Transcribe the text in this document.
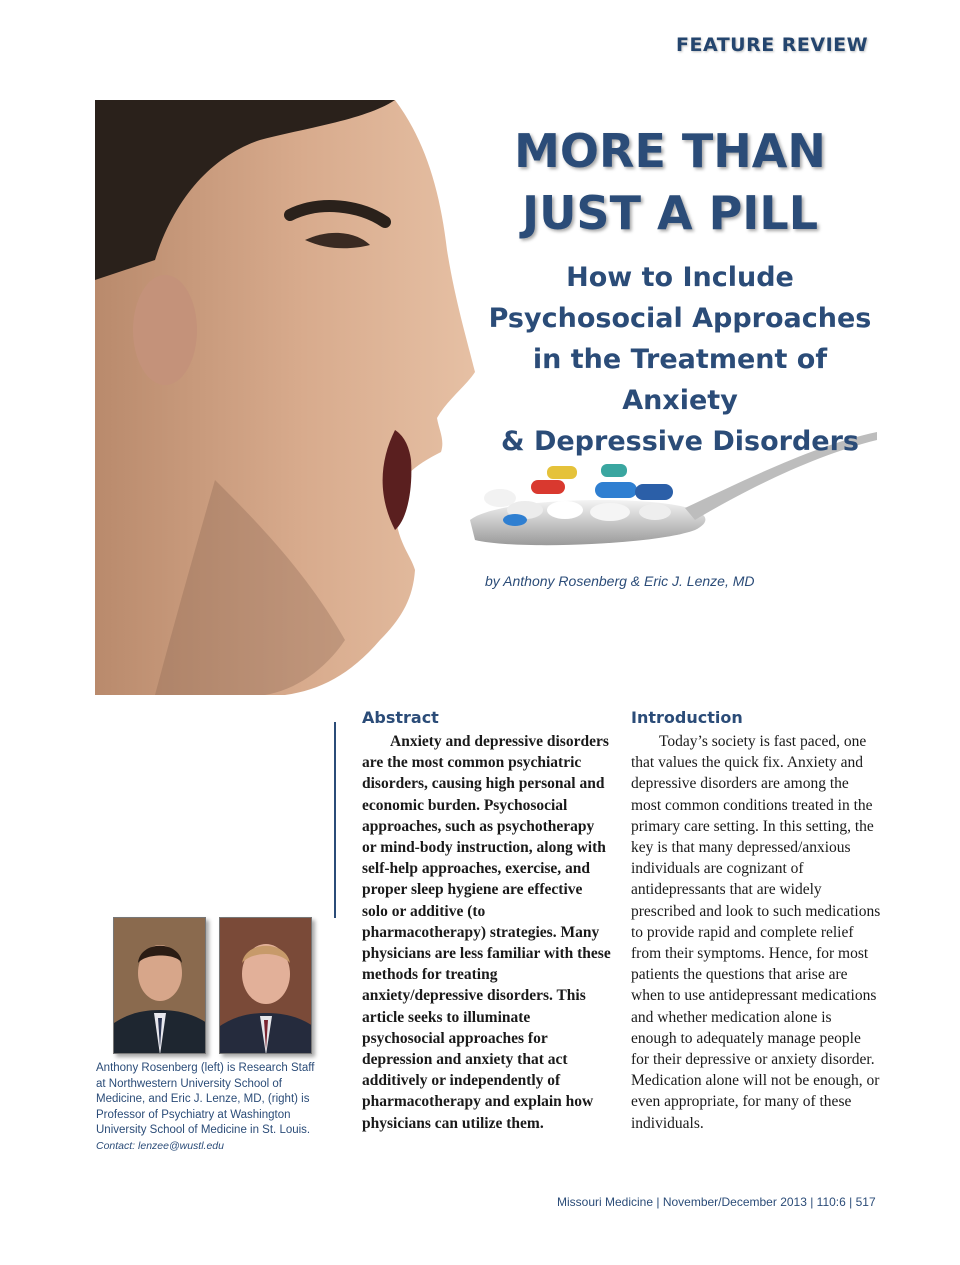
FEATURE REVIEW
MORE THAN
JUST A PILL
How to Include
Psychosocial Approaches
in the Treatment of Anxiety
& Depressive Disorders
by Anthony Rosenberg & Eric J. Lenze, MD
Anthony Rosenberg (left) is Research Staff at Northwestern University School of Medicine, and Eric J. Lenze, MD, (right) is Professor of Psychiatry at Washington University School of Medicine in St. Louis.
Contact: lenzee@wustl.edu
Abstract

Anxiety and depressive disorders are the most common psychiatric disorders, causing high personal and economic burden. Psychosocial approaches, such as psychotherapy or mind-body instruction, along with self-help approaches, exercise, and proper sleep hygiene are effective solo or additive (to pharmacotherapy) strategies. Many physicians are less familiar with these methods for treating anxiety/depressive disorders. This article seeks to illuminate psychosocial approaches for depression and anxiety that act additively or independently of pharmacotherapy and explain how physicians can utilize them.

Introduction

Today’s society is fast paced, one that values the quick fix. Anxiety and depressive disorders are among the most common conditions treated in the primary care setting. In this setting, the key is that many depressed/anxious individuals are cognizant of antidepressants that are widely prescribed and look to such medications to provide rapid and complete relief from their symptoms. Hence, for most patients the questions that arise are when to use antidepressant medications and whether medication alone is enough to adequately manage people for their depressive or anxiety disorder. Medication alone will not be enough, or even appropriate, for many of these individuals.

Missouri Medicine | November/December 2013 | 110:6 | 517
